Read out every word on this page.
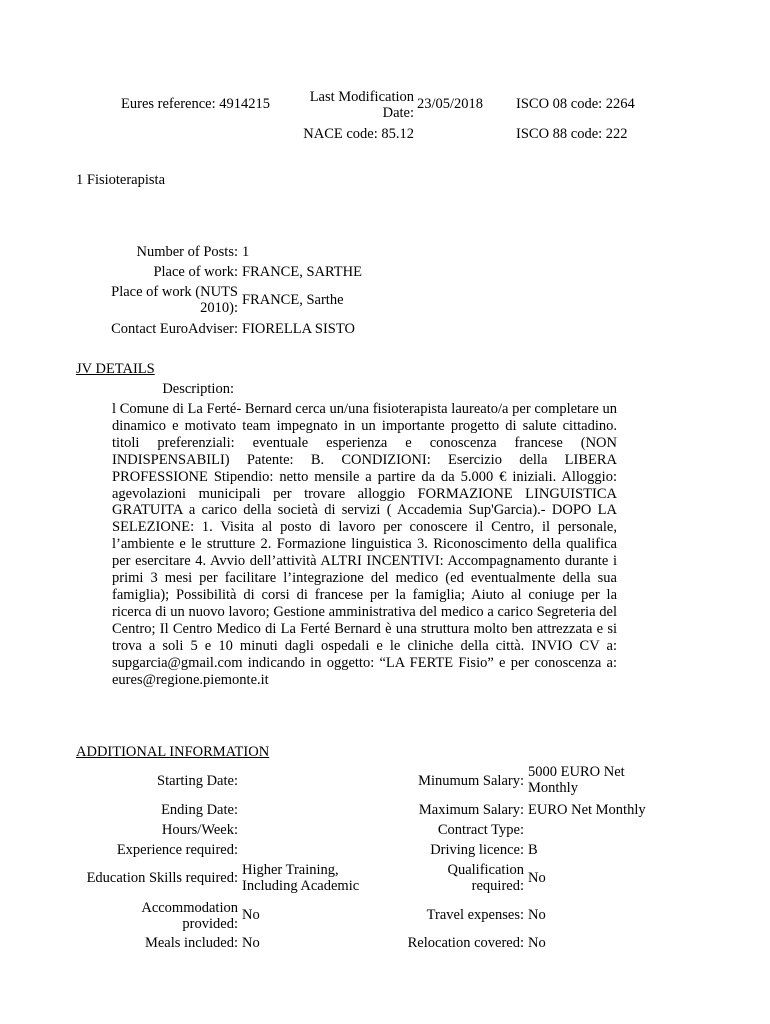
Eures reference: 4914215	Last Modification
Date:
23/05/2018 ISCO 08 code: 2264
NACE code: 85.12	ISCO 88 code: 222
1 Fisioterapista
Number of Posts: 1
Place of work: FRANCE, SARTHE
Place of work (NUTS
2010): FRANCE, Sarthe
Contact EuroAdviser: FIORELLA SISTO
JV DETAILS
Description:
l Comune di La Ferté- Bernard cerca un/una fisioterapista laureato/a per completare un dinamico e motivato team impegnato in un importante progetto di salute cittadino. titoli preferenziali: eventuale esperienza e conoscenza francese (NON INDISPENSABILI) Patente: B. CONDIZIONI: Esercizio della LIBERA PROFESSIONE Stipendio: netto mensile a partire da da 5.000 € iniziali. Alloggio: agevolazioni municipali per trovare alloggio FORMAZIONE LINGUISTICA GRATUITA a carico della società di servizi ( Accademia Sup'Garcia).- DOPO LA SELEZIONE: 1. Visita al posto di lavoro per conoscere il Centro, il personale, l’ambiente e le strutture 2. Formazione linguistica 3. Riconoscimento della qualifica per esercitare 4. Avvio dell’attività ALTRI INCENTIVI: Accompagnamento durante i primi 3 mesi per facilitare l’integrazione del medico (ed eventualmente della sua famiglia); Possibilità di corsi di francese per la famiglia; Aiuto al coniuge per la ricerca di un nuovo lavoro; Gestione amministrativa del medico a carico Segreteria del Centro; Il Centro Medico di La Ferté Bernard è una struttura molto ben attrezzata e si trova a soli 5 e 10 minuti dagli ospedali e le cliniche della città. INVIO CV a: supgarcia@gmail.com indicando in oggetto: “LA FERTE Fisio” e per conoscenza a: eures@regione.piemonte.it
ADDITIONAL INFORMATION
Starting Date:
Ending Date:
Hours/Week:
Experience required:
Education Skills required: Higher Training,
Including Academic
Accommodation
provided:
No
Meals included: No
Minumum Salary:
5000 EURO Net
Monthly
Maximum Salary: EURO Net Monthly
Contract Type:
Driving licence: B
Qualification
required: No
Travel expenses: No
Relocation covered: No
